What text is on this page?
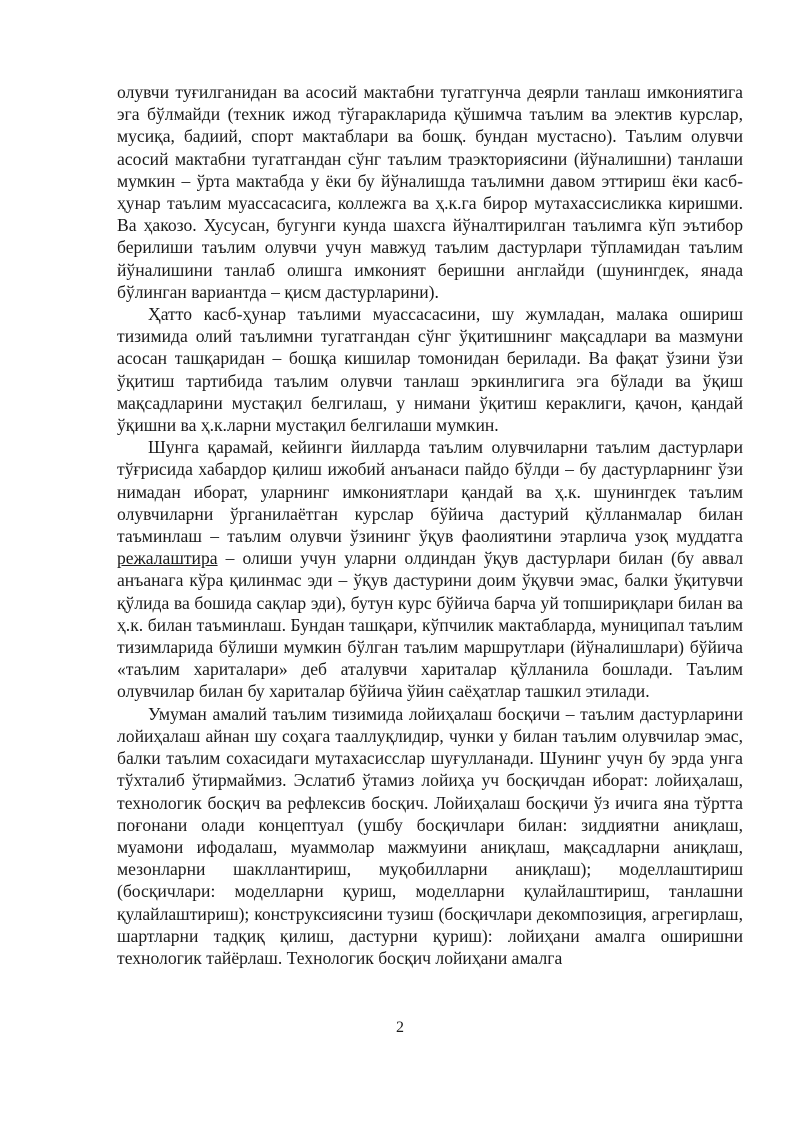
олувчи туғилганидан ва асосий мактабни тугатгунча деярли танлаш имкониятига эга бўлмайди (техник ижод тўгаракларида қўшимча таълим ва электив курслар, мусиқа, бадиий, спорт мактаблари ва бошқ. бундан мустасно). Таълим олувчи асосий мактабни тугатгандан сўнг таълим траэкториясини (йўналишни) танлаши мумкин – ўрта мактабда у ёки бу йўналишда таълимни давом эттириш ёки касб-ҳунар таълим муассасасига, коллежга ва ҳ.к.га бирор мутахассисликка киришми. Ва ҳакозо. Хусусан, бугунги кунда шахсга йўналтирилган таълимга кўп эътибор берилиши таълим олувчи учун мавжуд таълим дастурлари тўпламидан таълим йўналишини танлаб олишга имконият беришни англайди (шунингдек, янада бўлинган вариантда – қисм дастурларини).

Ҳатто касб-ҳунар таълими муассасасини, шу жумладан, малака ошириш тизимида олий таълимни тугатгандан сўнг ўқитишнинг мақсадлари ва мазмуни асосан ташқаридан – бошқа кишилар томонидан берилади. Ва фақат ўзини ўзи ўқитиш тартибида таълим олувчи танлаш эркинлигига эга бўлади ва ўқиш мақсадларини мустақил белгилаш, у нимани ўқитиш кераклиги, қачон, қандай ўқишни ва ҳ.к.ларни мустақил белгилаши мумкин.

Шунга қарамай, кейинги йилларда таълим олувчиларни таълим дастурлари тўғрисида хабардор қилиш ижобий анъанаси пайдо бўлди – бу дастурларнинг ўзи нимадан иборат, уларнинг имкониятлари қандай ва ҳ.к. шунингдек таълим олувчиларни ўрганилаётган курслар бўйича дастурий қўлланмалар билан таъминлаш – таълим олувчи ўзининг ўқув фаолиятини этарлича узоқ муддатга режалаштира – олиши учун уларни олдиндан ўқув дастурлари билан (бу аввал анъанага кўра қилинмас эди – ўқув дастурини доим ўқувчи эмас, балки ўқитувчи қўлида ва бошида сақлар эди), бутун курс бўйича барча уй топшириқлари билан ва ҳ.к. билан таъминлаш. Бундан ташқари, кўпчилик мактабларда, муниципал таълим тизимларида бўлиши мумкин бўлган таълим маршрутлари (йўналишлари) бўйича «таълим хариталари» деб аталувчи хариталар қўлланила бошлади. Таълим олувчилар билан бу хариталар бўйича ўйин саёҳатлар ташкил этилади.

Умуман амалий таълим тизимида лойиҳалаш босқичи – таълим дастурларини лойиҳалаш айнан шу соҳага тааллуқлидир, чунки у билан таълим олувчилар эмас, балки таълим сохасидаги мутахасисслар шуғулланади. Шунинг учун бу эрда унга тўхталиб ўтирмаймиз. Эслатиб ўтамиз лойиҳа уч босқичдан иборат: лойиҳалаш, технологик босқич ва рефлексив босқич. Лойиҳалаш босқичи ўз ичига яна тўртта поғонани олади концептуал (ушбу босқичлари билан: зиддиятни аниқлаш, муамони ифодалаш, муаммолар мажмуини аниқлаш, мақсадларни аниқлаш, мезонларни шакллантириш, муқобилларни аниқлаш); моделлаштириш (босқичлари: моделларни қуриш, моделларни қулайлаштириш, танлашни қулайлаштириш); конструксиясини тузиш (босқичлари декомпозиция, агрегирлаш, шартларни тадқиқ қилиш, дастурни қуриш): лойиҳани амалга оширишни технологик тайёрлаш. Технологик босқич лойиҳани амалга

2
